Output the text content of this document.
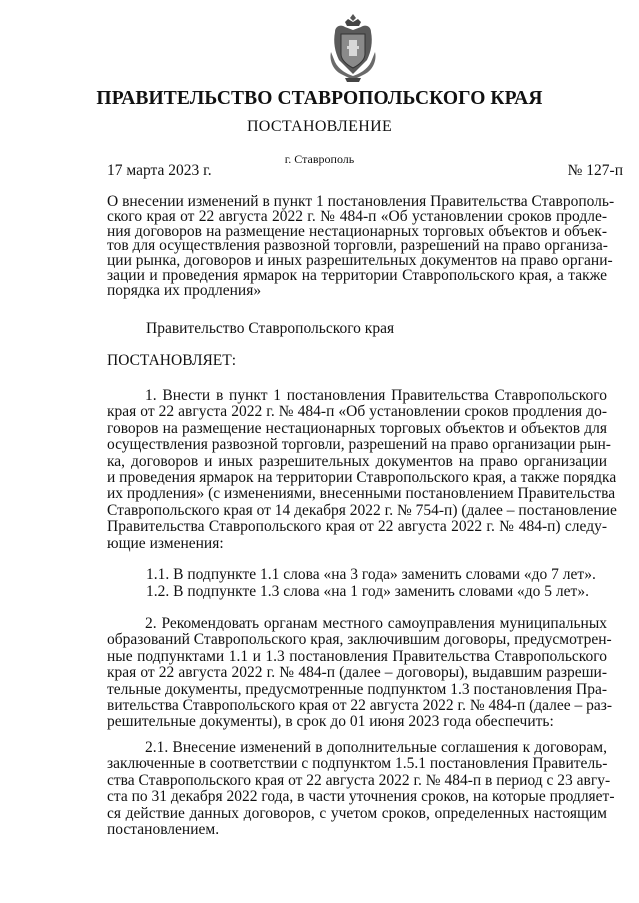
ПРАВИТЕЛЬСТВО СТАВРОПОЛЬСКОГО КРАЯ
ПОСТАНОВЛЕНИЕ
г. Ставрополь
17 марта 2023 г.	№ 127-п
О внесении изменений в пункт 1 постановления Правительства Ставрополь-
ского края от 22 августа 2022 г. № 484-п «Об установлении сроков продле-
ния договоров на размещение нестационарных торговых объектов и объек-
тов для осуществления развозной торговли, разрешений на право организа-
ции рынка, договоров и иных разрешительных документов на право органи-
зации и проведения ярмарок на территории Ставропольского края, а также
порядка их продления»
Правительство Ставропольского края
ПОСТАНОВЛЯЕТ:
1. Внести в пункт 1 постановления Правительства Ставропольского
края от 22 августа 2022 г. № 484-п «Об установлении сроков продления до-
говоров на размещение нестационарных торговых объектов и объектов для
осуществления развозной торговли, разрешений на право организации рын-
ка, договоров и иных разрешительных документов на право организации
и проведения ярмарок на территории Ставропольского края, а также порядка
их продления» (с изменениями, внесенными постановлением Правительства
Ставропольского края от 14 декабря 2022 г. № 754-п) (далее – постановление
Правительства Ставропольского края от 22 августа 2022 г. № 484-п) следу-
ющие изменения:
1.1. В подпункте 1.1 слова «на 3 года» заменить словами «до 7 лет».
1.2. В подпункте 1.3 слова «на 1 год» заменить словами «до 5 лет».
2. Рекомендовать органам местного самоуправления муниципальных
образований Ставропольского края, заключившим договоры, предусмотрен-
ные подпунктами 1.1 и 1.3 постановления Правительства Ставропольского
края от 22 августа 2022 г. № 484-п (далее – договоры), выдавшим разреши-
тельные документы, предусмотренные подпунктом 1.3 постановления Пра-
вительства Ставропольского края от 22 августа 2022 г. № 484-п (далее – раз-
решительные документы), в срок до 01 июня 2023 года обеспечить:
2.1. Внесение изменений в дополнительные соглашения к договорам,
заключенные в соответствии с подпунктом 1.5.1 постановления Правитель-
ства Ставропольского края от 22 августа 2022 г. № 484-п в период с 23 авгу-
ста по 31 декабря 2022 года, в части уточнения сроков, на которые продляет-
ся действие данных договоров, с учетом сроков, определенных настоящим
постановлением.
